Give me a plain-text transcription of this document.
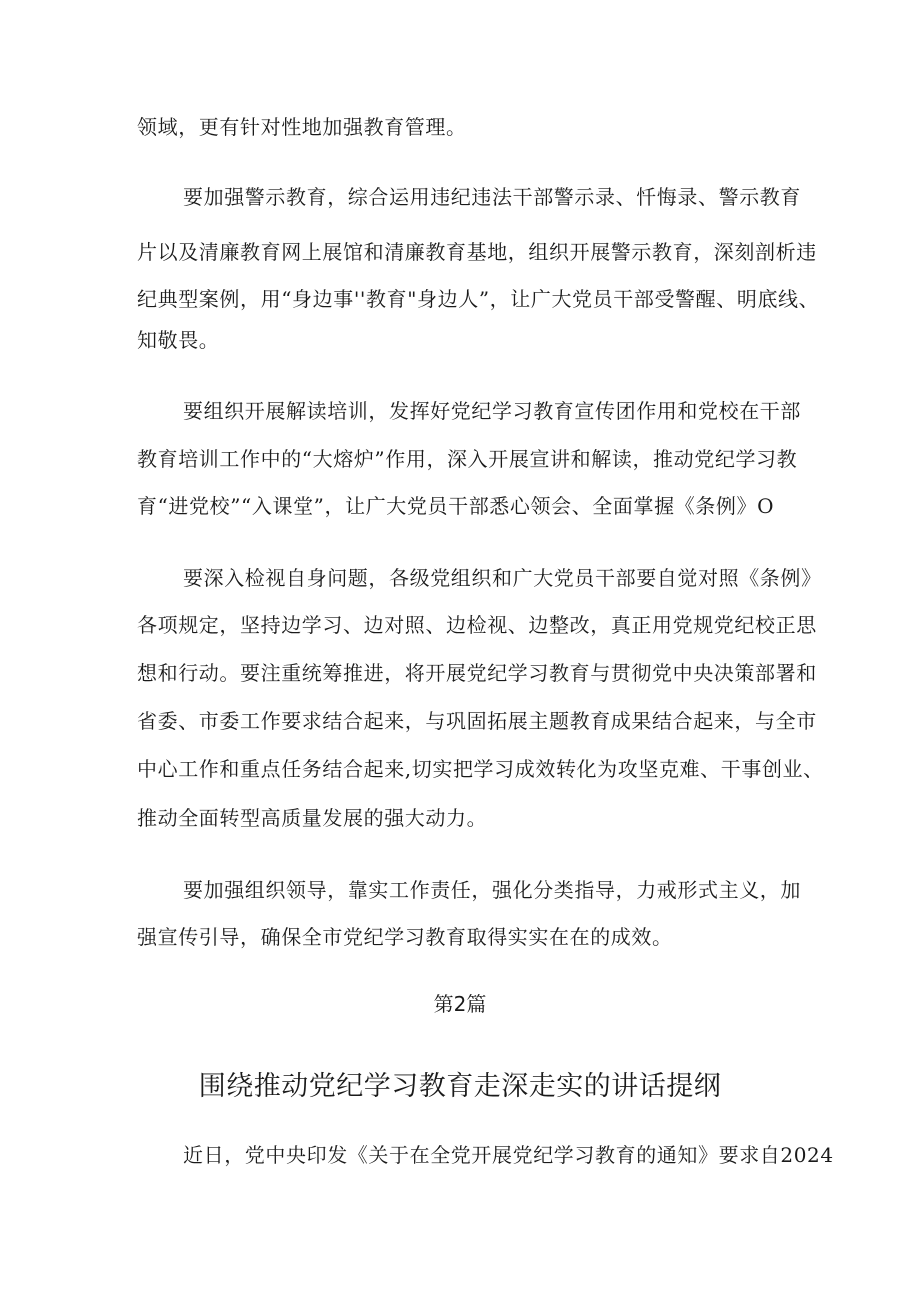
领域，更有针对性地加强教育管理。
要加强警示教育，综合运用违纪违法干部警示录、忏悔录、警示教育
片以及清廉教育网上展馆和清廉教育基地，组织开展警示教育，深刻剖析违
纪典型案例，用“身边事''教育"身边人”，让广大党员干部受警醒、明底线、
知敬畏。
要组织开展解读培训，发挥好党纪学习教育宣传团作用和党校在干部
教育培训工作中的“大熔炉”作用，深入开展宣讲和解读，推动党纪学习教
育“进党校”“入课堂”，让广大党员干部悉心领会、全面掌握《条例》O
要深入检视自身问题，各级党组织和广大党员干部要自觉对照《条例》
各项规定，坚持边学习、边对照、边检视、边整改，真正用党规党纪校正思
想和行动。要注重统筹推进，将开展党纪学习教育与贯彻党中央决策部署和
省委、市委工作要求结合起来，与巩固拓展主题教育成果结合起来，与全市
中心工作和重点任务结合起来,切实把学习成效转化为攻坚克难、干事创业、
推动全面转型高质量发展的强大动力。
要加强组织领导，靠实工作责任，强化分类指导，力戒形式主义，加
强宣传引导，确保全市党纪学习教育取得实实在在的成效。
第2篇
围绕推动党纪学习教育走深走实的讲话提纲
近日，党中央印发《关于在全党开展党纪学习教育的通知》要求自2024
